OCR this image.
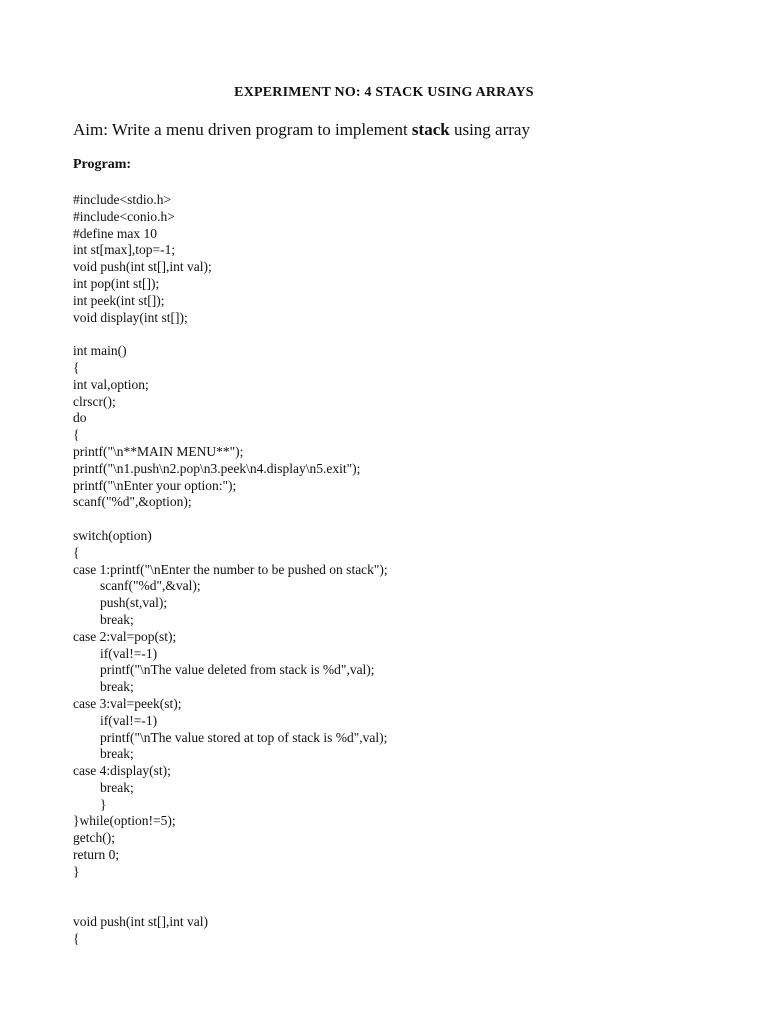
EXPERIMENT NO: 4 STACK USING ARRAYS
Aim: Write a menu driven program to implement stack using array
Program:
#include<stdio.h>
#include<conio.h>
#define max 10
int st[max],top=-1;
void push(int st[],int val);
int pop(int st[]);
int peek(int st[]);
void display(int st[]);
int main()
{
int val,option;
clrscr();
do
{
printf("\n**MAIN MENU**");
printf("\n1.push\n2.pop\n3.peek\n4.display\n5.exit");
printf("\nEnter your option:");
scanf("%d",&option);
switch(option)
{
case 1:printf("\nEnter the number to be pushed on stack");
scanf("%d",&val);
push(st,val);
break;
case 2:val=pop(st);
if(val!=-1)
printf("\nThe value deleted from stack is %d",val);
break;
case 3:val=peek(st);
if(val!=-1)
printf("\nThe value stored at top of stack is %d",val);
break;
case 4:display(st);
break;
}
}while(option!=5);
getch();
return 0;
}
void push(int st[],int val)
{
